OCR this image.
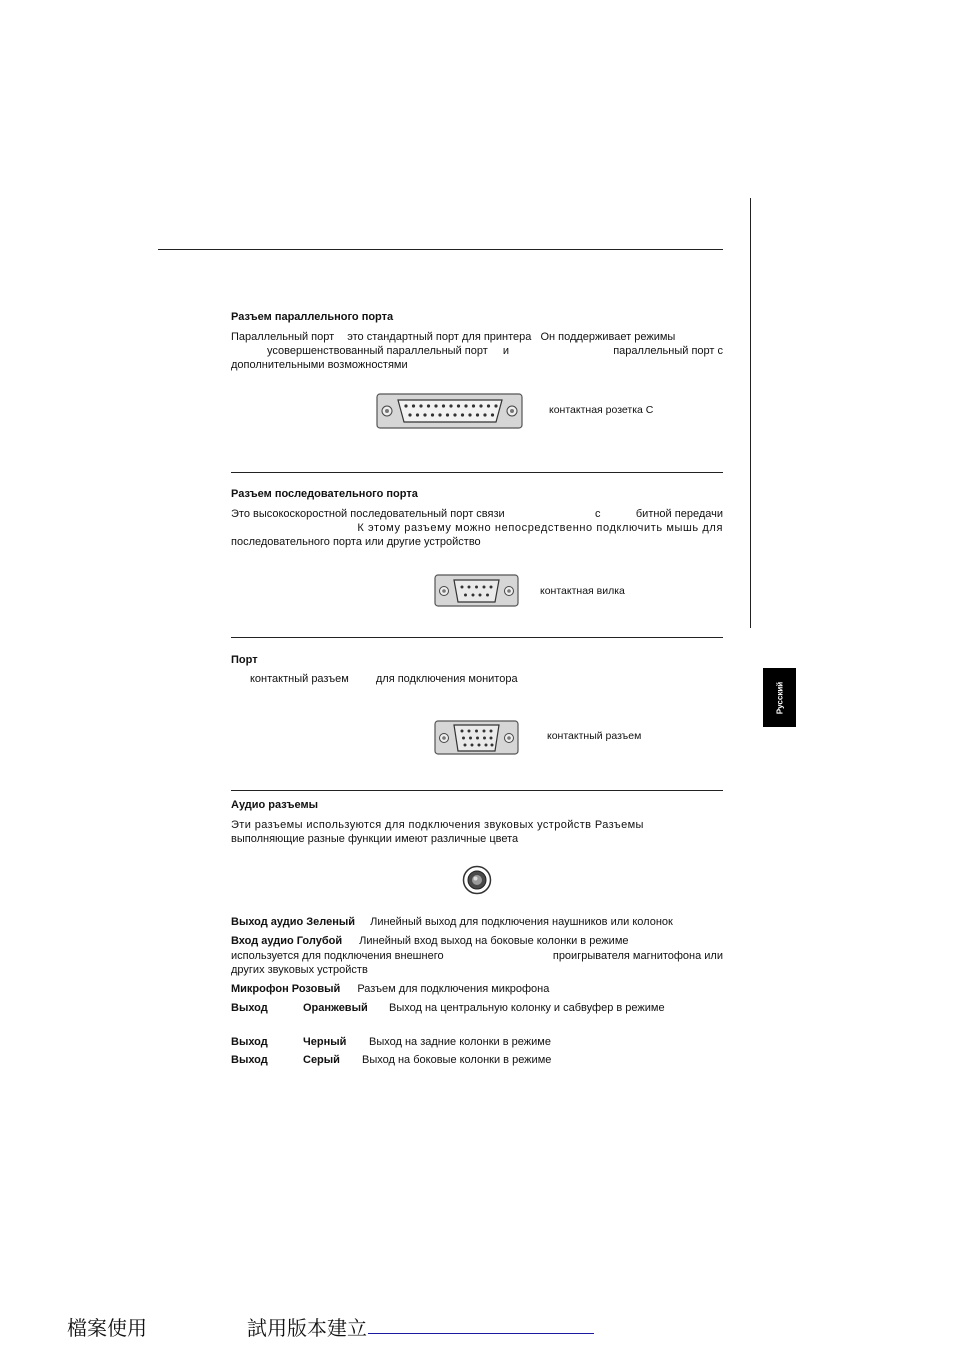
Русский
Разъем параллельного порта
Параллельный порт это стандартный порт для принтера Он поддерживает режимы
усовершенствованный параллельный порт и	параллельный порт с
дополнительными возможностями
контактная розетка С
Разъем последовательного порта
Это высокоскоростной последовательный порт связи	с	битной передачи
К этому разъему можно непосредственно подключить мышь для
последовательного порта или другие устройство
контактная вилка
Порт
контактный разъем для подключения монитора
контактный разъем
Аудио разъемы
Эти разъемы используются для подключения звуковых устройств Разъемы
выполняющие разные функции имеют различные цвета
Выход аудио Зеленый Линейный выход для подключения наушников или колонок
Вход аудио Голубой Линейный вход выход на боковые колонки в режиме
используется для подключения внешнего	проигрывателя магнитофона или
других звуковых устройств
Микрофон Розовый Разъем для подключения микрофона
Выход	Оранжевый Выход на центральную колонку и сабвуфер в режиме
Выход	Черный Выход на задние колонки в режиме
Выход	Серый Выход на боковые колонки в режиме
檔案使用	試用版本建立
